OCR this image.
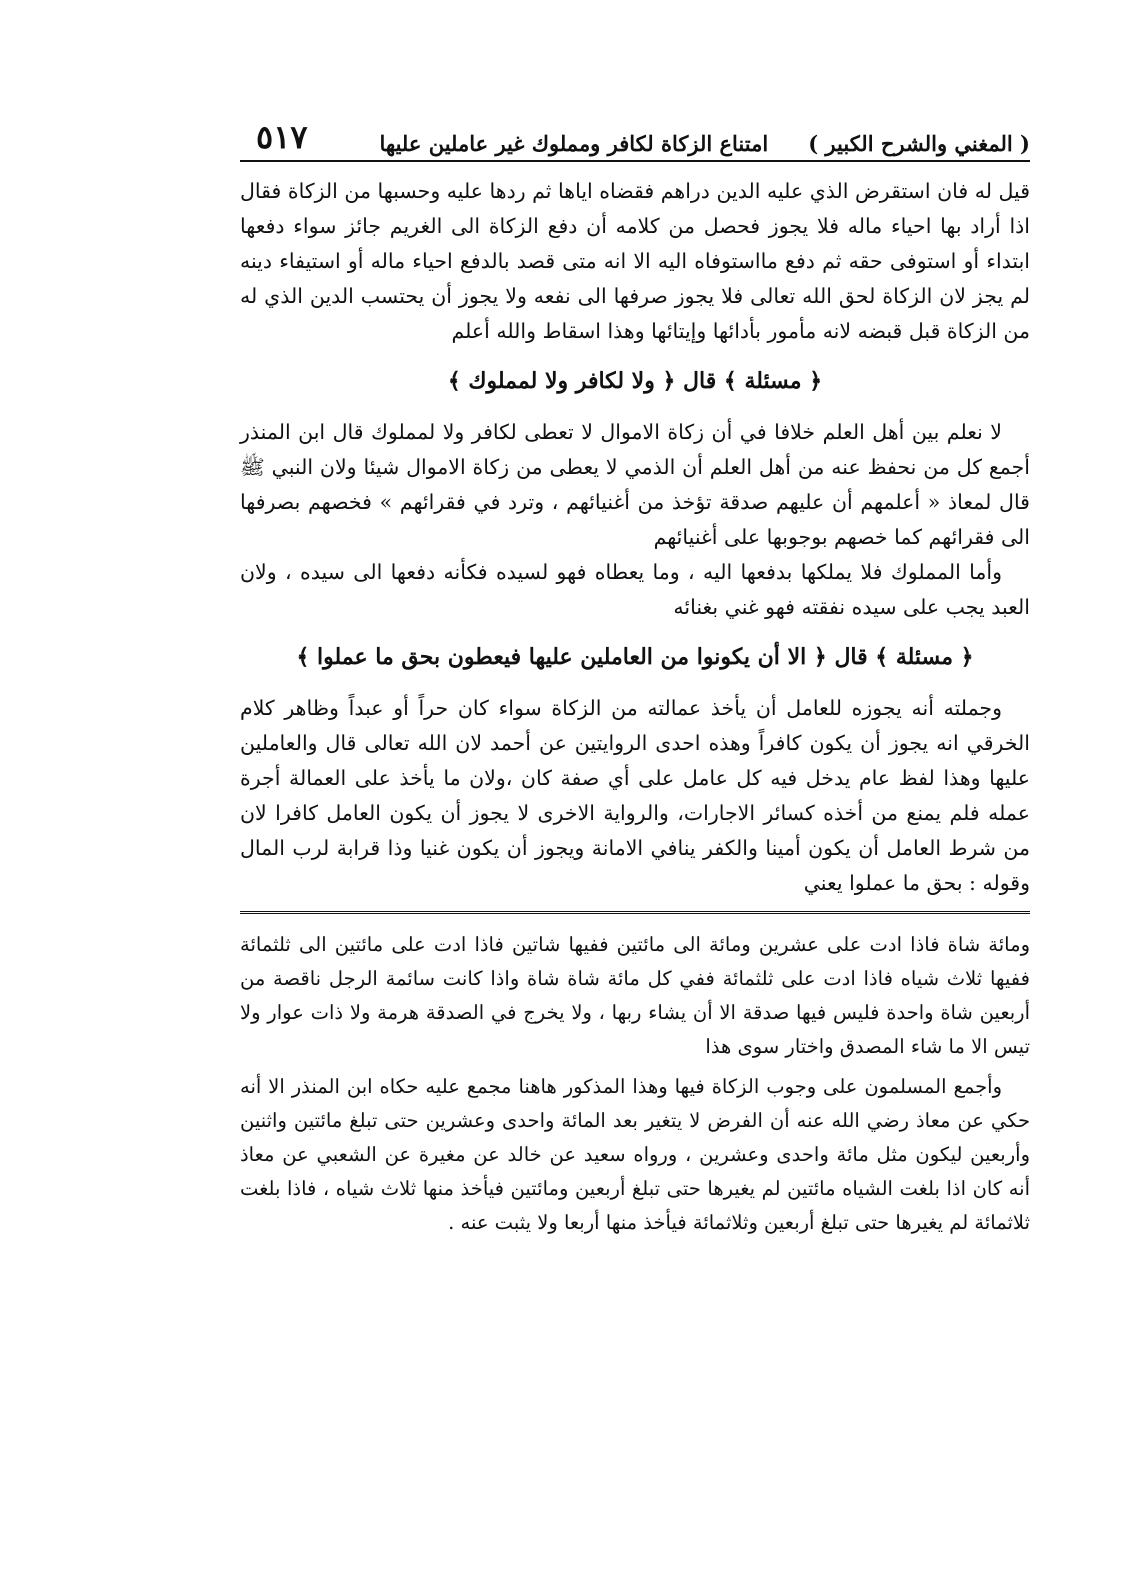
( المغني والشرح الكبير )
امتناع الزكاة لكافر ومملوك غير عاملين عليها
٥١٧

قيل له فان استقرض الذي عليه الدين دراهم فقضاه اياها ثم ردها عليه وحسبها من الزكاة فقال اذا أراد بها احياء ماله فلا يجوز فحصل من كلامه أن دفع الزكاة الى الغريم جائز سواء دفعها ابتداء أو استوفى حقه ثم دفع مااستوفاه اليه الا انه متى قصد بالدفع احياء ماله أو استيفاء دينه لم يجز لان الزكاة لحق الله تعالى فلا يجوز صرفها الى نفعه ولا يجوز أن يحتسب الدين الذي له من الزكاة قبل قبضه لانه مأمور بأدائها وإيتائها وهذا اسقاط والله أعلم

﴿ مسئلة ﴾ قال ﴿ ولا لكافر ولا لمملوك ﴾

لا نعلم بين أهل العلم خلافا في أن زكاة الاموال لا تعطى لكافر ولا لمملوك قال ابن المنذر أجمع كل من نحفظ عنه من أهل العلم أن الذمي لا يعطى من زكاة الاموال شيئا ولان النبي ﷺ قال لمعاذ « أعلمهم أن عليهم صدقة تؤخذ من أغنيائهم ، وترد في فقرائهم » فخصهم بصرفها الى فقرائهم كما خصهم بوجوبها على أغنيائهم

وأما المملوك فلا يملكها بدفعها اليه ، وما يعطاه فهو لسيده فكأنه دفعها الى سيده ، ولان العبد يجب على سيده نفقته فهو غني بغنائه

﴿ مسئلة ﴾ قال ﴿ الا أن يكونوا من العاملين عليها فيعطون بحق ما عملوا ﴾

وجملته أنه يجوزه للعامل أن يأخذ عمالته من الزكاة سواء كان حراً أو عبداً وظاهر كلام الخرقي انه يجوز أن يكون كافراً وهذه احدى الروايتين عن أحمد لان الله تعالى قال والعاملين عليها وهذا لفظ عام يدخل فيه كل عامل على أي صفة كان ،ولان ما يأخذ على العمالة أجرة عمله فلم يمنع من أخذه كسائر الاجارات، والرواية الاخرى لا يجوز أن يكون العامل كافرا لان من شرط العامل أن يكون أمينا والكفر ينافي الامانة ويجوز أن يكون غنيا وذا قرابة لرب المال وقوله : بحق ما عملوا يعني

ومائة شاة فاذا ادت على عشرين ومائة الى مائتين ففيها شاتين فاذا ادت على مائتين الى ثلثمائة ففيها ثلاث شياه فاذا ادت على ثلثمائة ففي كل مائة شاة شاة واذا كانت سائمة الرجل ناقصة من أربعين شاة واحدة فليس فيها صدقة الا أن يشاء ربها ، ولا يخرج في الصدقة هرمة ولا ذات عوار ولا تيس الا ما شاء المصدق واختار سوى هذا

وأجمع المسلمون على وجوب الزكاة فيها وهذا المذكور هاهنا مجمع عليه حكاه ابن المنذر الا أنه حكي عن معاذ رضي الله عنه أن الفرض لا يتغير بعد المائة واحدى وعشرين حتى تبلغ مائتين واثنين وأربعين ليكون مثل مائة واحدى وعشرين ، ورواه سعيد عن خالد عن مغيرة عن الشعبي عن معاذ أنه كان اذا بلغت الشياه مائتين لم يغيرها حتى تبلغ أربعين ومائتين فيأخذ منها ثلاث شياه ، فاذا بلغت ثلاثمائة لم يغيرها حتى تبلغ أربعين وثلاثمائة فيأخذ منها أربعا ولا يثبت عنه .
